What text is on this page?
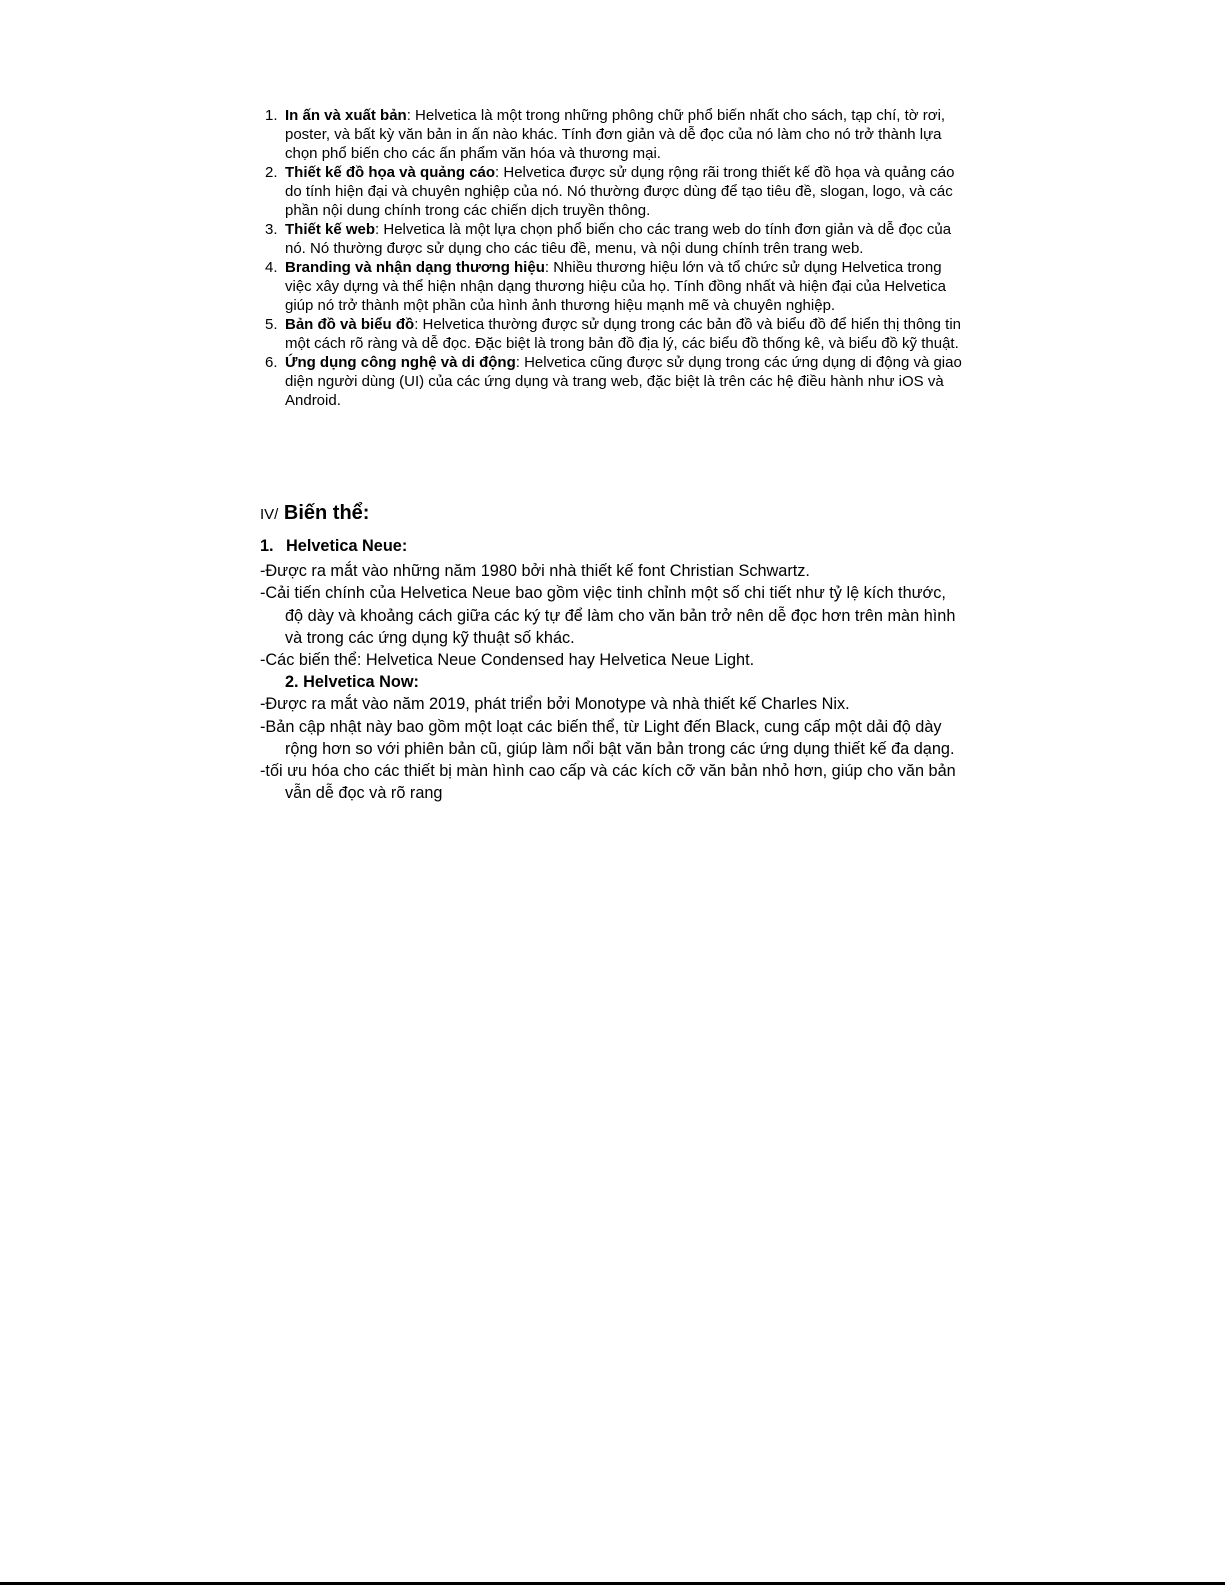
1. In ấn và xuất bản: Helvetica là một trong những phông chữ phổ biến nhất cho sách, tạp chí, tờ rơi, poster, và bất kỳ văn bản in ấn nào khác. Tính đơn giản và dễ đọc của nó làm cho nó trở thành lựa chọn phổ biến cho các ấn phẩm văn hóa và thương mại.
2. Thiết kế đồ họa và quảng cáo: Helvetica được sử dụng rộng rãi trong thiết kế đồ họa và quảng cáo do tính hiện đại và chuyên nghiệp của nó. Nó thường được dùng để tạo tiêu đề, slogan, logo, và các phần nội dung chính trong các chiến dịch truyền thông.
3. Thiết kế web: Helvetica là một lựa chọn phổ biến cho các trang web do tính đơn giản và dễ đọc của nó. Nó thường được sử dụng cho các tiêu đề, menu, và nội dung chính trên trang web.
4. Branding và nhận dạng thương hiệu: Nhiều thương hiệu lớn và tổ chức sử dụng Helvetica trong việc xây dựng và thể hiện nhận dạng thương hiệu của họ. Tính đồng nhất và hiện đại của Helvetica giúp nó trở thành một phần của hình ảnh thương hiệu mạnh mẽ và chuyên nghiệp.
5. Bản đồ và biểu đồ: Helvetica thường được sử dụng trong các bản đồ và biểu đồ để hiển thị thông tin một cách rõ ràng và dễ đọc. Đặc biệt là trong bản đồ địa lý, các biểu đồ thống kê, và biểu đồ kỹ thuật.
6. Ứng dụng công nghệ và di động: Helvetica cũng được sử dụng trong các ứng dụng di động và giao diện người dùng (UI) của các ứng dụng và trang web, đặc biệt là trên các hệ điều hành như iOS và Android.
IV/ Biến thể:
1. Helvetica Neue:

-Được ra mắt vào những năm 1980 bởi nhà thiết kế font Christian Schwartz.

-Cải tiến chính của Helvetica Neue bao gồm việc tinh chỉnh một số chi tiết như tỷ lệ kích thước, độ dày và khoảng cách giữa các ký tự để làm cho văn bản trở nên dễ đọc hơn trên màn hình và trong các ứng dụng kỹ thuật số khác.

-Các biến thể: Helvetica Neue Condensed hay Helvetica Neue Light.

2. Helvetica Now:

-Được ra mắt vào năm 2019, phát triển bởi Monotype và nhà thiết kế Charles Nix.

-Bản cập nhật này bao gồm một loạt các biến thể, từ Light đến Black, cung cấp một dải độ dày rộng hơn so với phiên bản cũ, giúp làm nổi bật văn bản trong các ứng dụng thiết kế đa dạng.

-tối ưu hóa cho các thiết bị màn hình cao cấp và các kích cỡ văn bản nhỏ hơn, giúp cho văn bản vẫn dễ đọc và rõ rang
